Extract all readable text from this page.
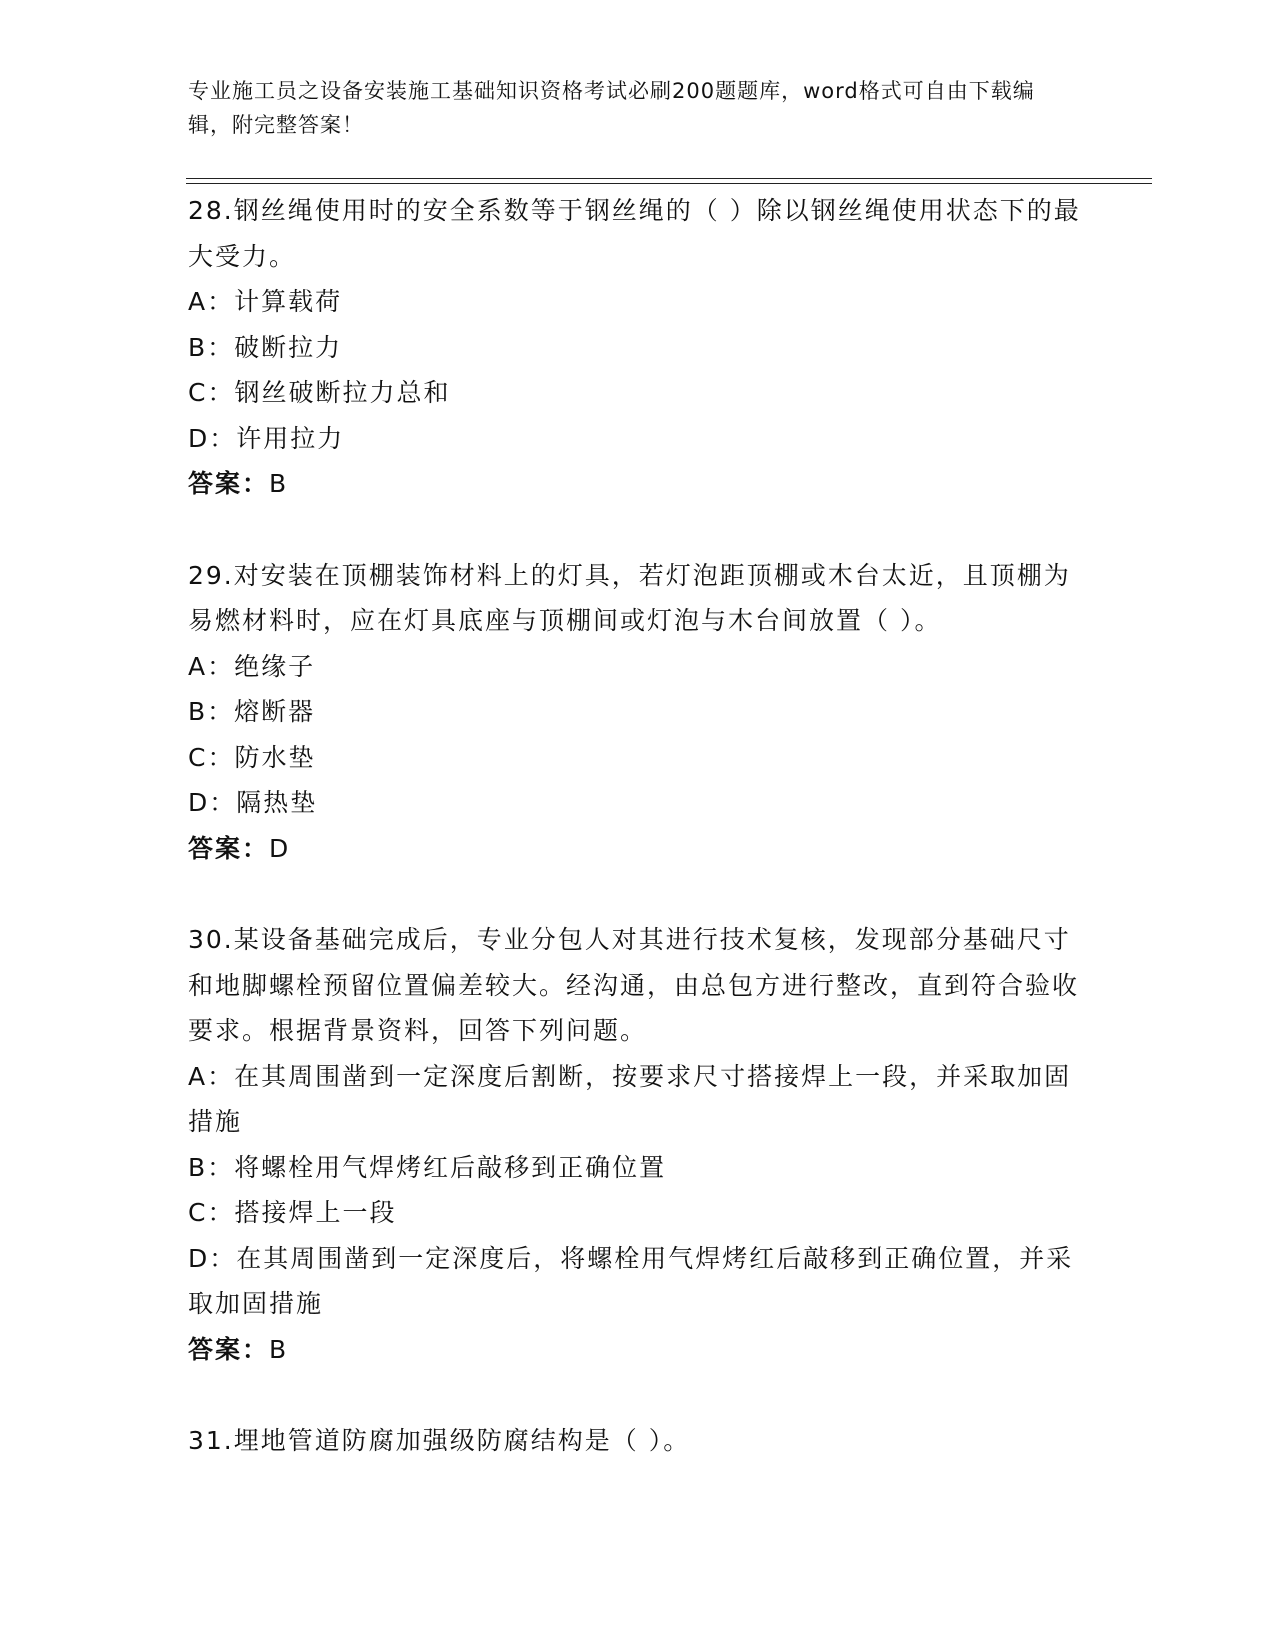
专业施工员之设备安装施工基础知识资格考试必刷200题题库，word格式可自由下载编辑，附完整答案！

28.钢丝绳使用时的安全系数等于钢丝绳的（ ）除以钢丝绳使用状态下的最大受力。

A：计算载荷

B：破断拉力

C：钢丝破断拉力总和

D：许用拉力

答案：B

29.对安装在顶棚装饰材料上的灯具，若灯泡距顶棚或木台太近，且顶棚为易燃材料时，应在灯具底座与顶棚间或灯泡与木台间放置（ ）。

A：绝缘子

B：熔断器

C：防水垫

D：隔热垫

答案：D

30.某设备基础完成后，专业分包人对其进行技术复核，发现部分基础尺寸和地脚螺栓预留位置偏差较大。经沟通，由总包方进行整改，直到符合验收要求。根据背景资料，回答下列问题。

A：在其周围凿到一定深度后割断，按要求尺寸搭接焊上一段，并采取加固措施

B：将螺栓用气焊烤红后敲移到正确位置

C：搭接焊上一段

D：在其周围凿到一定深度后，将螺栓用气焊烤红后敲移到正确位置，并采取加固措施

答案：B

31.埋地管道防腐加强级防腐结构是（ ）。
